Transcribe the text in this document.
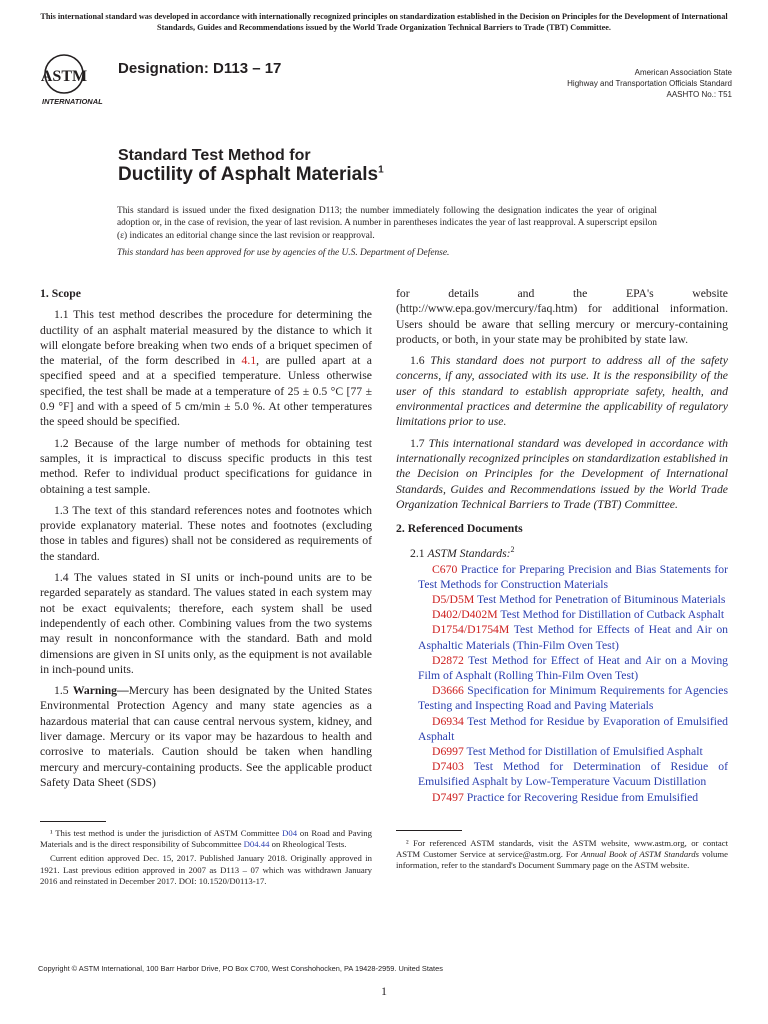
This international standard was developed in accordance with internationally recognized principles on standardization established in the Decision on Principles for the Development of International Standards, Guides and Recommendations issued by the World Trade Organization Technical Barriers to Trade (TBT) Committee.
ASTM
INTERNATIONAL
Designation: D113 – 17	American Association State
Highway and Transportation Officials Standard
AASHTO No.: T51
Standard Test Method for
Ductility of Asphalt Materials$^1$
This standard is issued under the fixed designation D113; the number immediately following the designation indicates the year of original adoption or, in the case of revision, the year of last revision. A number in parentheses indicates the year of last reapproval. A superscript epsilon (ε) indicates an editorial change since the last revision or reapproval.
This standard has been approved for use by agencies of the U.S. Department of Defense.
1. Scope

1.1 This test method describes the procedure for determining the ductility of an asphalt material measured by the distance to which it will elongate before breaking when two ends of a briquet specimen of the material, of the form described in 4.1, are pulled apart at a specified speed and at a specified temperature. Unless otherwise specified, the test shall be made at a temperature of 25 ± 0.5 °C [77 ± 0.9 °F] and with a speed of 5 cm/min ± 5.0 %. At other temperatures the speed should be specified.

1.2 Because of the large number of methods for obtaining test samples, it is impractical to discuss specific products in this test method. Refer to individual product specifications for guidance in obtaining a test sample.

1.3 The text of this standard references notes and footnotes which provide explanatory material. These notes and footnotes (excluding those in tables and figures) shall not be considered as requirements of the standard.

1.4 The values stated in SI units or inch-pound units are to be regarded separately as standard. The values stated in each system may not be exact equivalents; therefore, each system shall be used independently of each other. Combining values from the two systems may result in nonconformance with the standard. Bath and mold dimensions are given in SI units only, as the equipment is not available in inch-pound units.

1.5 Warning—Mercury has been designated by the United States Environmental Protection Agency and many state agencies as a hazardous material that can cause central nervous system, kidney, and liver damage. Mercury or its vapor may be hazardous to health and corrosive to materials. Caution should be taken when handling mercury and mercury-containing products. See the applicable product Safety Data Sheet (SDS)

for details and the EPA's website (http://www.epa.gov/mercury/faq.htm) for additional information. Users should be aware that selling mercury or mercury-containing products, or both, in your state may be prohibited by state law.

1.6 This standard does not purport to address all of the safety concerns, if any, associated with its use. It is the responsibility of the user of this standard to establish appropriate safety, health, and environmental practices and determine the applicability of regulatory limitations prior to use.

1.7 This international standard was developed in accordance with internationally recognized principles on standardization established in the Decision on Principles for the Development of International Standards, Guides and Recommendations issued by the World Trade Organization Technical Barriers to Trade (TBT) Committee.

2. Referenced Documents

2.1 ASTM Standards:$^2$

C670 Practice for Preparing Precision and Bias Statements for Test Methods for Construction Materials

D5/D5M Test Method for Penetration of Bituminous Materials

D402/D402M Test Method for Distillation of Cutback Asphalt

D1754/D1754M Test Method for Effects of Heat and Air on Asphaltic Materials (Thin-Film Oven Test)

D2872 Test Method for Effect of Heat and Air on a Moving Film of Asphalt (Rolling Thin-Film Oven Test)

D3666 Specification for Minimum Requirements for Agencies Testing and Inspecting Road and Paving Materials

D6934 Test Method for Residue by Evaporation of Emulsified Asphalt

D6997 Test Method for Distillation of Emulsified Asphalt

D7403 Test Method for Determination of Residue of Emulsified Asphalt by Low-Temperature Vacuum Distillation

D7497 Practice for Recovering Residue from Emulsified

¹ This test method is under the jurisdiction of ASTM Committee D04 on Road and Paving Materials and is the direct responsibility of Subcommittee D04.44 on Rheological Tests.

Current edition approved Dec. 15, 2017. Published January 2018. Originally approved in 1921. Last previous edition approved in 2007 as D113 – 07 which was withdrawn January 2016 and reinstated in December 2017. DOI: 10.1520/D0113-17.

² For referenced ASTM standards, visit the ASTM website, www.astm.org, or contact ASTM Customer Service at service@astm.org. For Annual Book of ASTM Standards volume information, refer to the standard's Document Summary page on the ASTM website.

Copyright © ASTM International, 100 Barr Harbor Drive, PO Box C700, West Conshohocken, PA 19428-2959. United States
1
